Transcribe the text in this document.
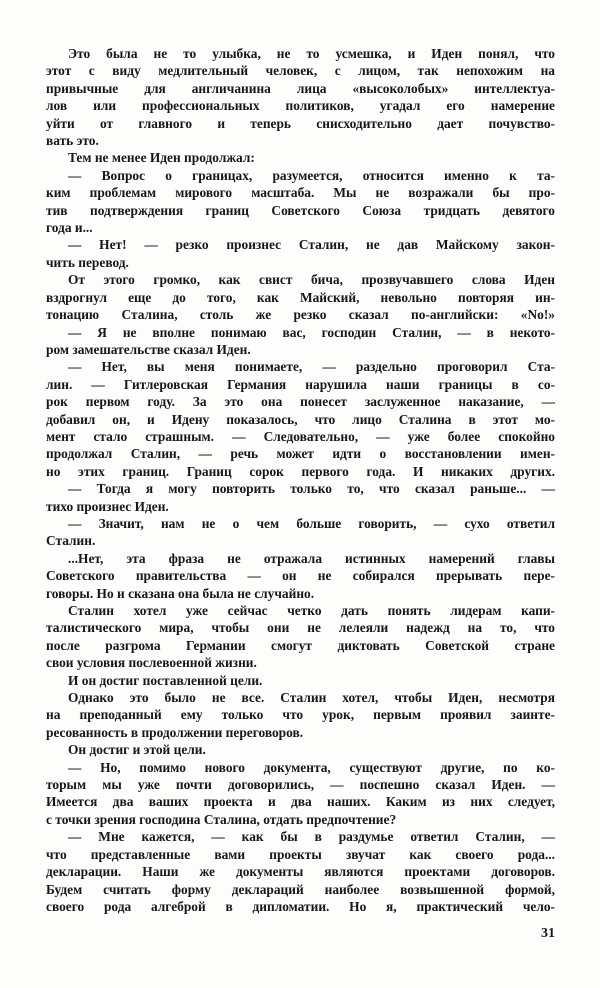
Это была не то улыбка, не то усмешка, и Иден понял, что
этот с виду медлительный человек, с лицом, так непохожим на
привычные для англичанина лица «высоколобых» интеллектуа-
лов или профессиональных политиков, угадал его намерение
уйти от главного и теперь снисходительно дает почувство-
вать это.
Тем не менее Иден продолжал:
— Вопрос о границах, разумеется, относится именно к та-
ким проблемам мирового масштаба. Мы не возражали бы про-
тив подтверждения границ Советского Союза тридцать девятого
года и...
— Нет! — резко произнес Сталин, не дав Майскому закон-
чить перевод.
От этого громко, как свист бича, прозвучавшего слова Иден
вздрогнул еще до того, как Майский, невольно повторяя ин-
тонацию Сталина, столь же резко сказал по-английски: «No!»
— Я не вполне понимаю вас, господин Сталин, — в некото-
ром замешательстве сказал Иден.
— Нет, вы меня понимаете, — раздельно проговорил Ста-
лин. — Гитлеровская Германия нарушила наши границы в со-
рок первом году. За это она понесет заслуженное наказание, —
добавил он, и Идену показалось, что лицо Сталина в этот мо-
мент стало страшным. — Следовательно, — уже более спокойно
продолжал Сталин, — речь может идти о восстановлении имен-
но этих границ. Границ сорок первого года. И никаких других.
— Тогда я могу повторить только то, что сказал раньше... —
тихо произнес Иден.
— Значит, нам не о чем больше говорить, — сухо ответил
Сталин.
...Нет, эта фраза не отражала истинных намерений главы
Советского правительства — он не собирался прерывать пере-
говоры. Но и сказана она была не случайно.
Сталин хотел уже сейчас четко дать понять лидерам капи-
талистического мира, чтобы они не лелеяли надежд на то, что
после разгрома Германии смогут диктовать Советской стране
свои условия послевоенной жизни.
И он достиг поставленной цели.
Однако это было не все. Сталин хотел, чтобы Иден, несмотря
на преподанный ему только что урок, первым проявил заинте-
ресованность в продолжении переговоров.
Он достиг и этой цели.
— Но, помимо нового документа, существуют другие, по ко-
торым мы уже почти договорились, — поспешно сказал Иден. —
Имеется два ваших проекта и два наших. Каким из них следует,
с точки зрения господина Сталина, отдать предпочтение?
— Мне кажется, — как бы в раздумье ответил Сталин, —
что представленные вами проекты звучат как своего рода...
декларации. Наши же документы являются проектами договоров.
Будем считать форму деклараций наиболее возвышенной формой,
своего рода алгеброй в дипломатии. Но я, практический чело-
31
